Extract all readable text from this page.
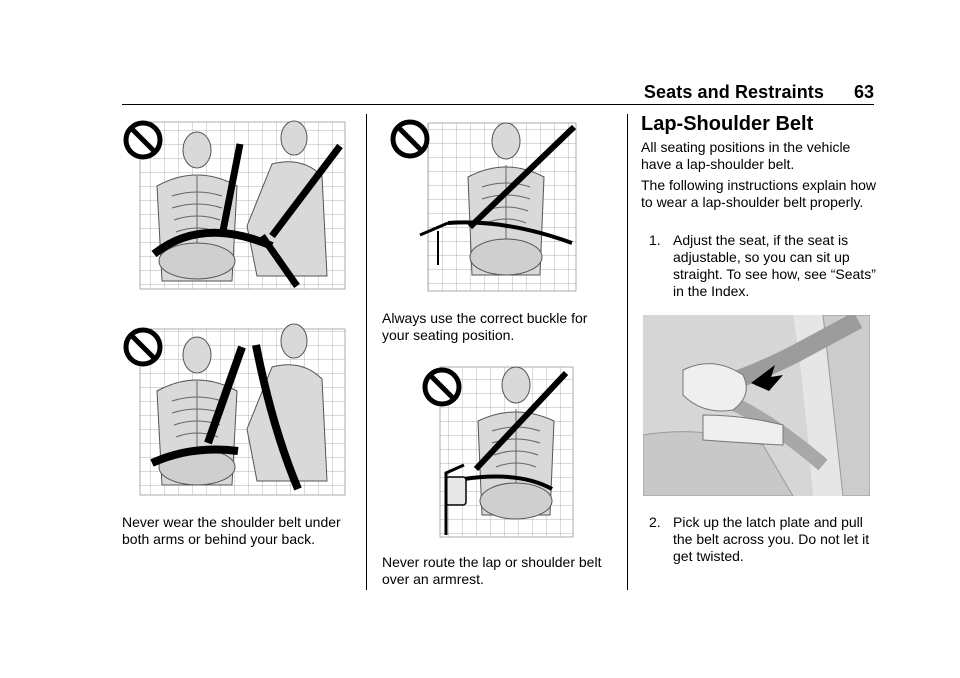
Seats and Restraints 63
Never wear the shoulder belt under both arms or behind your back.
Always use the correct buckle for your seating position.
Never route the lap or shoulder belt over an armrest.
Lap-Shoulder Belt
All seating positions in the vehicle have a lap-shoulder belt.
The following instructions explain how to wear a lap-shoulder belt properly.
1. Adjust the seat, if the seat is adjustable, so you can sit up straight. To see how, see “Seats” in the Index.
2. Pick up the latch plate and pull the belt across you. Do not let it get twisted.
